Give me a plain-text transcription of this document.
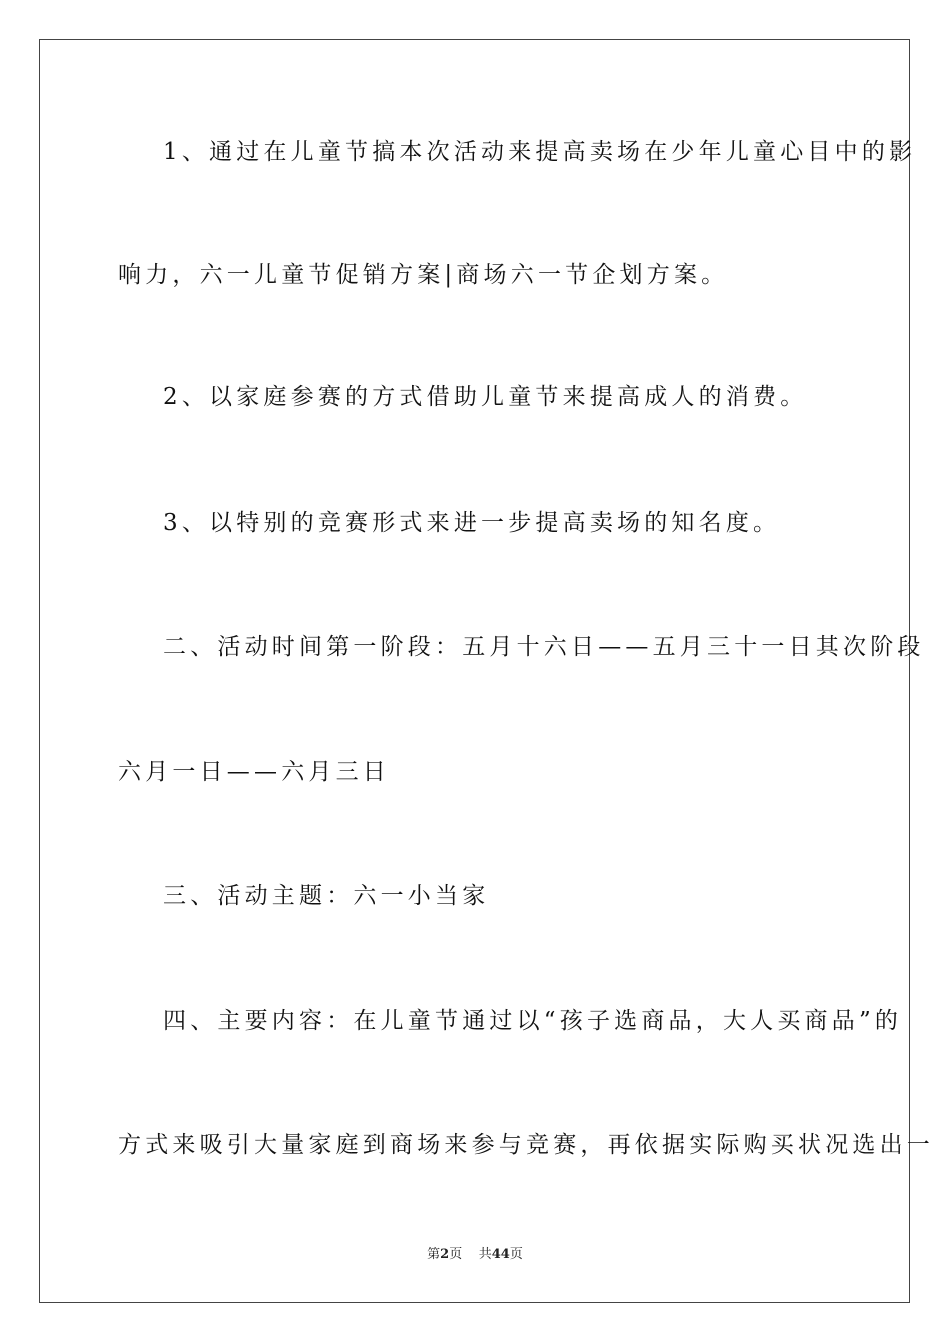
1、通过在儿童节搞本次活动来提高卖场在少年儿童心目中的影
响力，六一儿童节促销方案|商场六一节企划方案。
2、以家庭参赛的方式借助儿童节来提高成人的消费。
3、以特别的竞赛形式来进一步提高卖场的知名度。
二、活动时间第一阶段：五月十六日——五月三十一日其次阶段
六月一日——六月三日
三、活动主题：六一小当家
四、主要内容：在儿童节通过以“孩子选商品，大人买商品”的
方式来吸引大量家庭到商场来参与竞赛，再依据实际购买状况选出一
第2页 共44页
